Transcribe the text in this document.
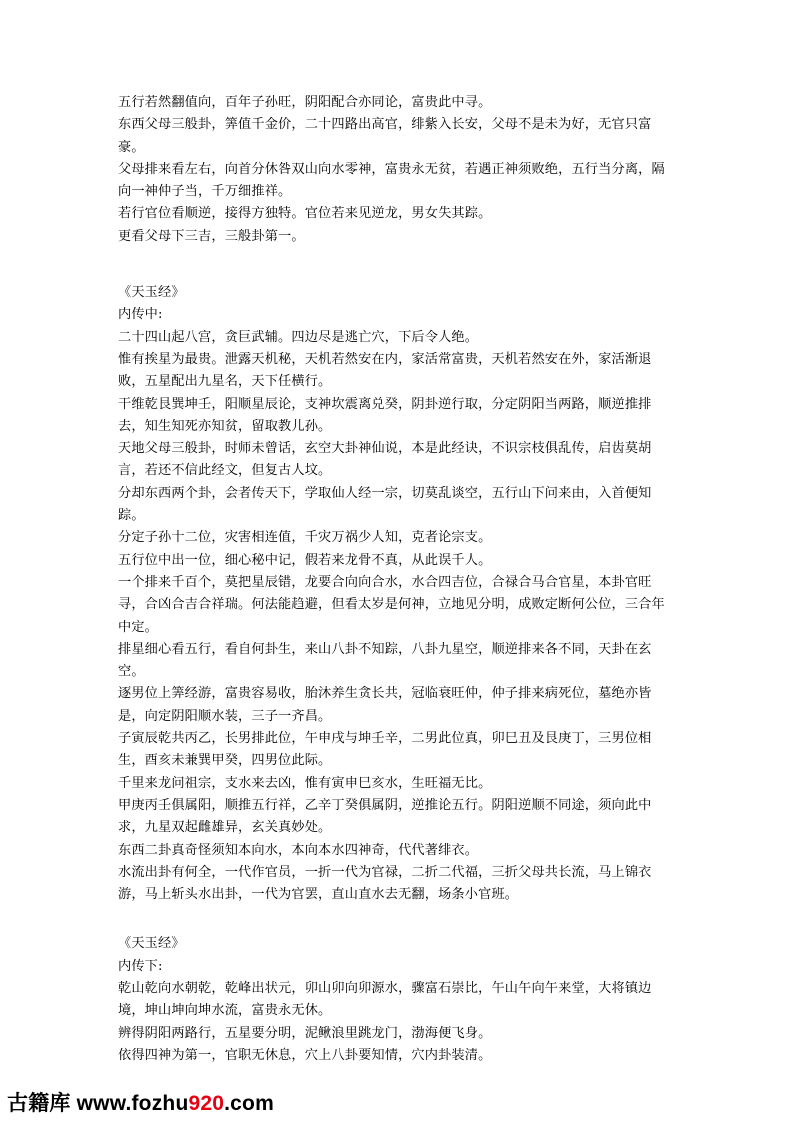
五行若然翻值向，百年子孙旺，阴阳配合亦同论，富贵此中寻。

东西父母三般卦，筭值千金价，二十四路出高官，绯紫入长安，父母不是未为好，无官只富豪。

父母排来看左右，向首分休咎双山向水零神，富贵永无贫，若遇正神须败绝，五行当分离，隔向一神仲子当，千万细推祥。

若行官位看顺逆，接得方独特。官位若来见逆龙，男女失其踪。

更看父母下三吉，三般卦第一。

《天玉经》

内传中:

二十四山起八宫，贪巨武辅。四边尽是逃亡穴，下后令人绝。

惟有挨星为最贵。泄露天机秘，天机若然安在内，家活常富贵，天机若然安在外，家活渐退败，五星配出九星名，天下任横行。

干维乾艮巽坤壬，阳顺星辰论，支神坎震离兑癸，阴卦逆行取，分定阴阳当两路，顺逆推排去，知生知死亦知贫，留取教儿孙。

天地父母三般卦，时师未曾话，玄空大卦神仙说，本是此经诀，不识宗枝俱乱传，启齿莫胡言，若还不信此经文，但复古人坟。

分却东西两个卦，会者传天下，学取仙人经一宗，切莫乱谈空，五行山下问来由，入首便知踪。

分定子孙十二位，灾害相连值，千灾万祸少人知，克者论宗支。

五行位中出一位，细心秘中记，假若来龙骨不真，从此误千人。

一个排来千百个，莫把星辰错，龙要合向向合水，水合四吉位，合禄合马合官星，本卦官旺寻，合凶合吉合祥瑞。何法能趋避，但看太岁是何神，立地见分明，成败定断何公位，三合年中定。

排星细心看五行，看自何卦生，来山八卦不知踪，八卦九星空，顺逆排来各不同，天卦在玄空。

逐男位上筭经游，富贵容易收，胎沐养生贪长共，冠临衰旺仲，仲子排来病死位，墓绝亦皆是，向定阴阳顺水装，三子一齐昌。

子寅辰乾共丙乙，长男排此位，午申戌与坤壬辛，二男此位真，卯巳丑及艮庚丁，三男位相生，酉亥未兼巽甲癸，四男位此际。

千里来龙问祖宗，支水来去凶，惟有寅申巳亥水，生旺福无比。

甲庚丙壬俱属阳，顺推五行祥，乙辛丁癸俱属阴，逆推论五行。阴阳逆顺不同途，须向此中求，九星双起雌雄异，玄关真妙处。

东西二卦真奇怪须知本向水，本向本水四神奇，代代著绯衣。

水流出卦有何全，一代作官员，一折一代为官禄，二折二代福，三折父母共长流，马上锦衣游，马上斩头水出卦，一代为官罢，直山直水去无翻，场条小官班。

《天玉经》

内传下:

乾山乾向水朝乾，乾峰出状元，卯山卯向卯源水，骤富石崇比，午山午向午来堂，大将镇边境，坤山坤向坤水流，富贵永无休。

辨得阴阳两路行，五星要分明，泥鳅浪里跳龙门，渤海便飞身。

依得四神为第一，官职无休息，穴上八卦要知情，穴内卦装清。

古籍库 www.fozhu920.com
